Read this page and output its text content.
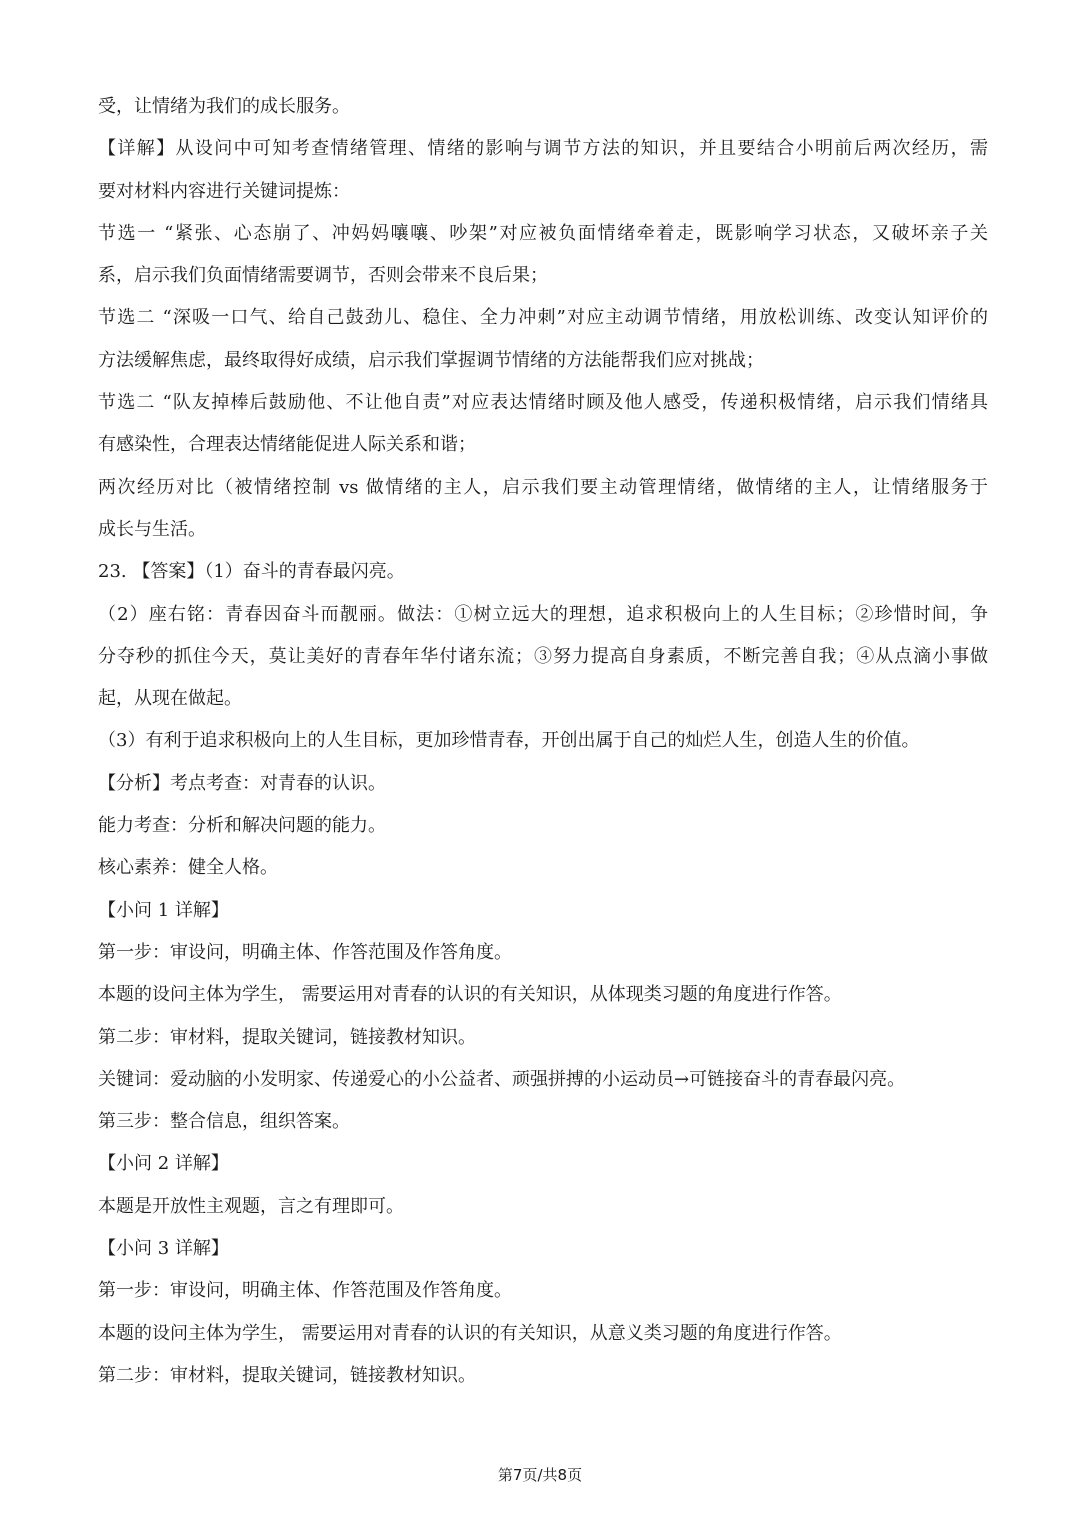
受，让情绪为我们的成长服务。
【详解】从设问中可知考查情绪管理、情绪的影响与调节方法的知识，并且要结合小明前后两次经历，需
要对材料内容进行关键词提炼：
节选一 “紧张、心态崩了、冲妈妈嚷嚷、吵架”对应被负面情绪牵着走，既影响学习状态，又破坏亲子关
系，启示我们负面情绪需要调节，否则会带来不良后果；
节选二 “深吸一口气、给自己鼓劲儿、稳住、全力冲刺”对应主动调节情绪，用放松训练、改变认知评价的
方法缓解焦虑，最终取得好成绩，启示我们掌握调节情绪的方法能帮我们应对挑战；
节选二 “队友掉棒后鼓励他、不让他自责”对应表达情绪时顾及他人感受，传递积极情绪，启示我们情绪具
有感染性，合理表达情绪能促进人际关系和谐；
两次经历对比（被情绪控制 vs 做情绪的主人，启示我们要主动管理情绪，做情绪的主人，让情绪服务于
成长与生活。
23. 【答案】（1）奋斗的青春最闪亮。
（2）座右铭：青春因奋斗而靓丽。做法：①树立远大的理想，追求积极向上的人生目标；②珍惜时间，争
分夺秒的抓住今天，莫让美好的青春年华付诸东流；③努力提高自身素质，不断完善自我；④从点滴小事做
起，从现在做起。
（3）有利于追求积极向上的人生目标，更加珍惜青春，开创出属于自己的灿烂人生，创造人生的价值。
【分析】考点考查：对青春的认识。
能力考查：分析和解决问题的能力。
核心素养：健全人格。
【小问 1 详解】
第一步：审设问，明确主体、作答范围及作答角度。
本题的设问主体为学生， 需要运用对青春的认识的有关知识，从体现类习题的角度进行作答。
第二步：审材料，提取关键词，链接教材知识。
关键词：爱动脑的小发明家、传递爱心的小公益者、顽强拼搏的小运动员→可链接奋斗的青春最闪亮。
第三步：整合信息，组织答案。
【小问 2 详解】
本题是开放性主观题，言之有理即可。
【小问 3 详解】
第一步：审设问，明确主体、作答范围及作答角度。
本题的设问主体为学生， 需要运用对青春的认识的有关知识，从意义类习题的角度进行作答。
第二步：审材料，提取关键词，链接教材知识。
第7页/共8页
